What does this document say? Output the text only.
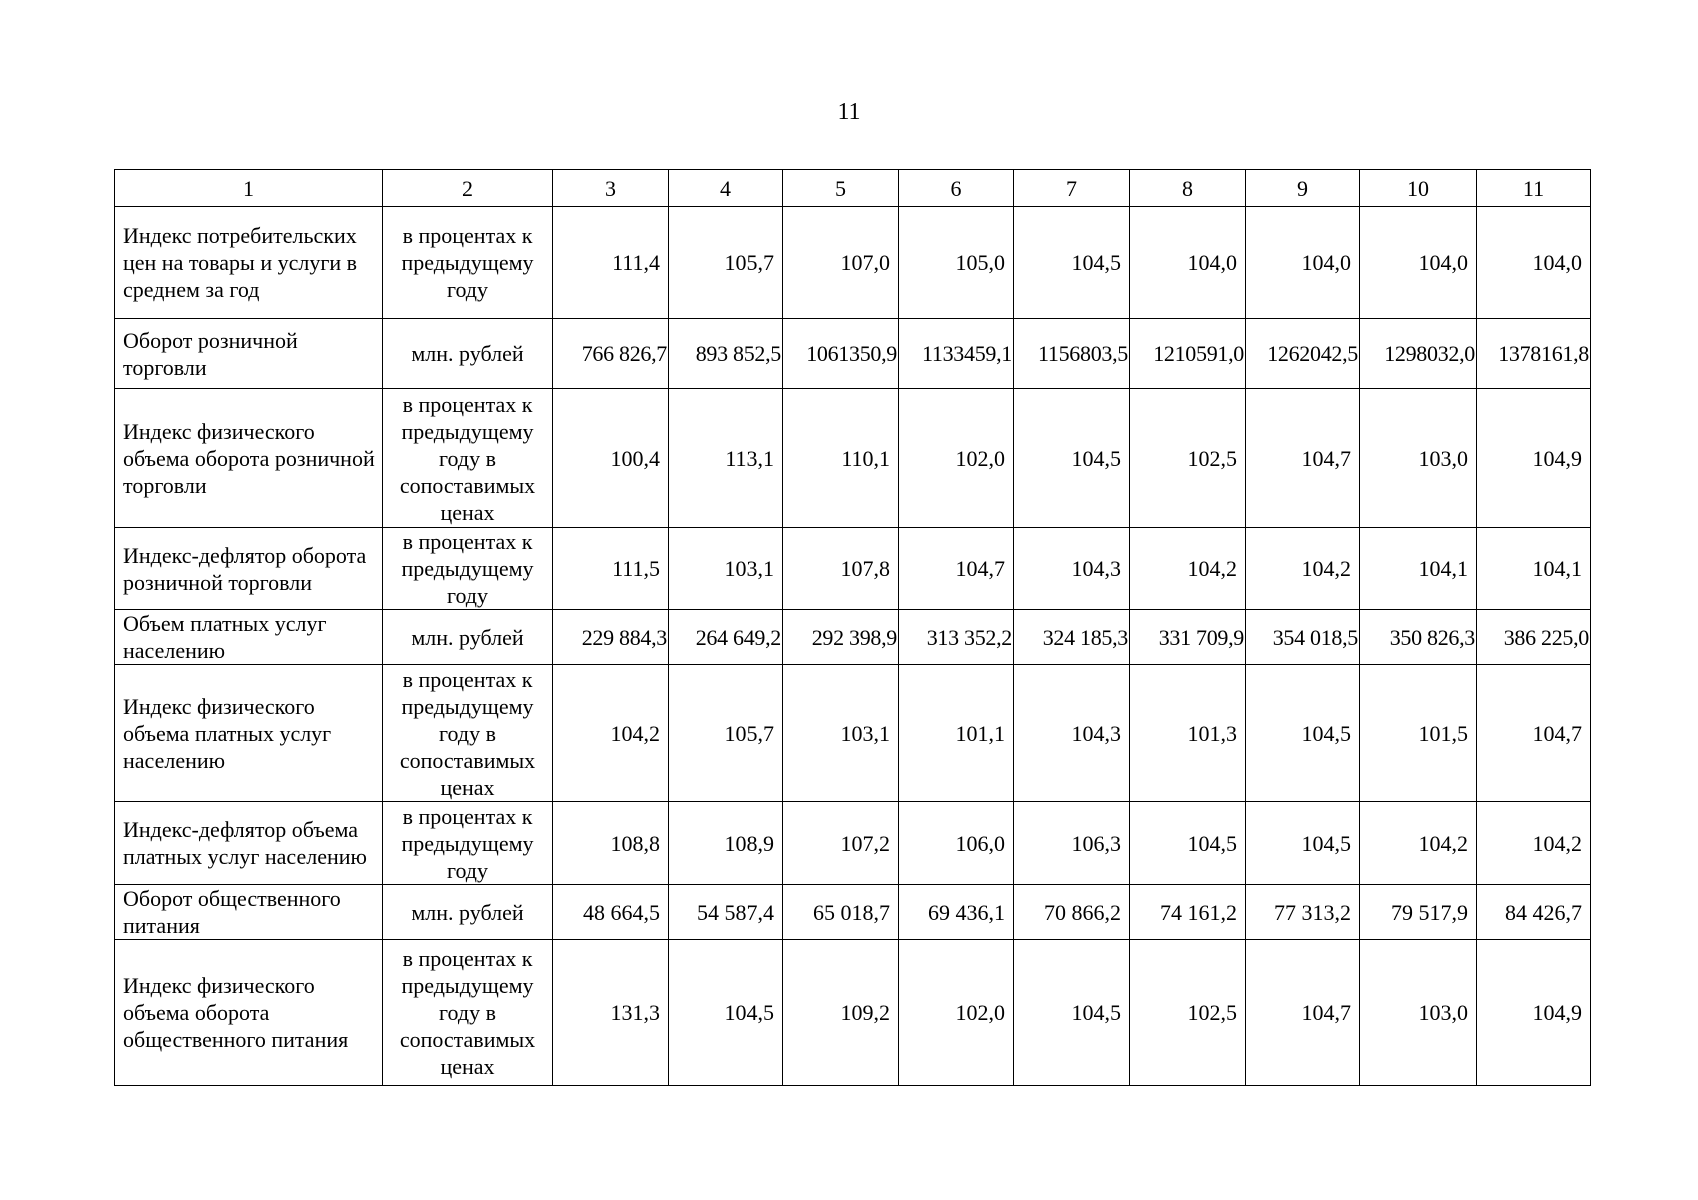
11
1	2	3	4	5	6	7	8	9	10	11
Индекс потребительских цен на товары и услуги в среднем за год	в процентах к предыдущему году	111,4	105,7	107,0	105,0	104,5	104,0	104,0	104,0	104,0
Оборот розничной торговли	млн. рублей	766 826,7	893 852,5	1061350,9	1133459,1	1156803,5	1210591,0	1262042,5	1298032,0	1378161,8
Индекс физического объема оборота розничной торговли	в процентах к предыдущему году в сопоставимых ценах	100,4	113,1	110,1	102,0	104,5	102,5	104,7	103,0	104,9
Индекс-дефлятор оборота розничной торговли	в процентах к предыдущему году	111,5	103,1	107,8	104,7	104,3	104,2	104,2	104,1	104,1
Объем платных услуг населению	млн. рублей	229 884,3	264 649,2	292 398,9	313 352,2	324 185,3	331 709,9	354 018,5	350 826,3	386 225,0
Индекс физического объема платных услуг населению	в процентах к предыдущему году в сопоставимых ценах	104,2	105,7	103,1	101,1	104,3	101,3	104,5	101,5	104,7
Индекс-дефлятор объема платных услуг населению	в процентах к предыдущему году	108,8	108,9	107,2	106,0	106,3	104,5	104,5	104,2	104,2
Оборот общественного питания	млн. рублей	48 664,5	54 587,4	65 018,7	69 436,1	70 866,2	74 161,2	77 313,2	79 517,9	84 426,7
Индекс физического объема оборота общественного питания	в процентах к предыдущему году в сопоставимых ценах	131,3	104,5	109,2	102,0	104,5	102,5	104,7	103,0	104,9
